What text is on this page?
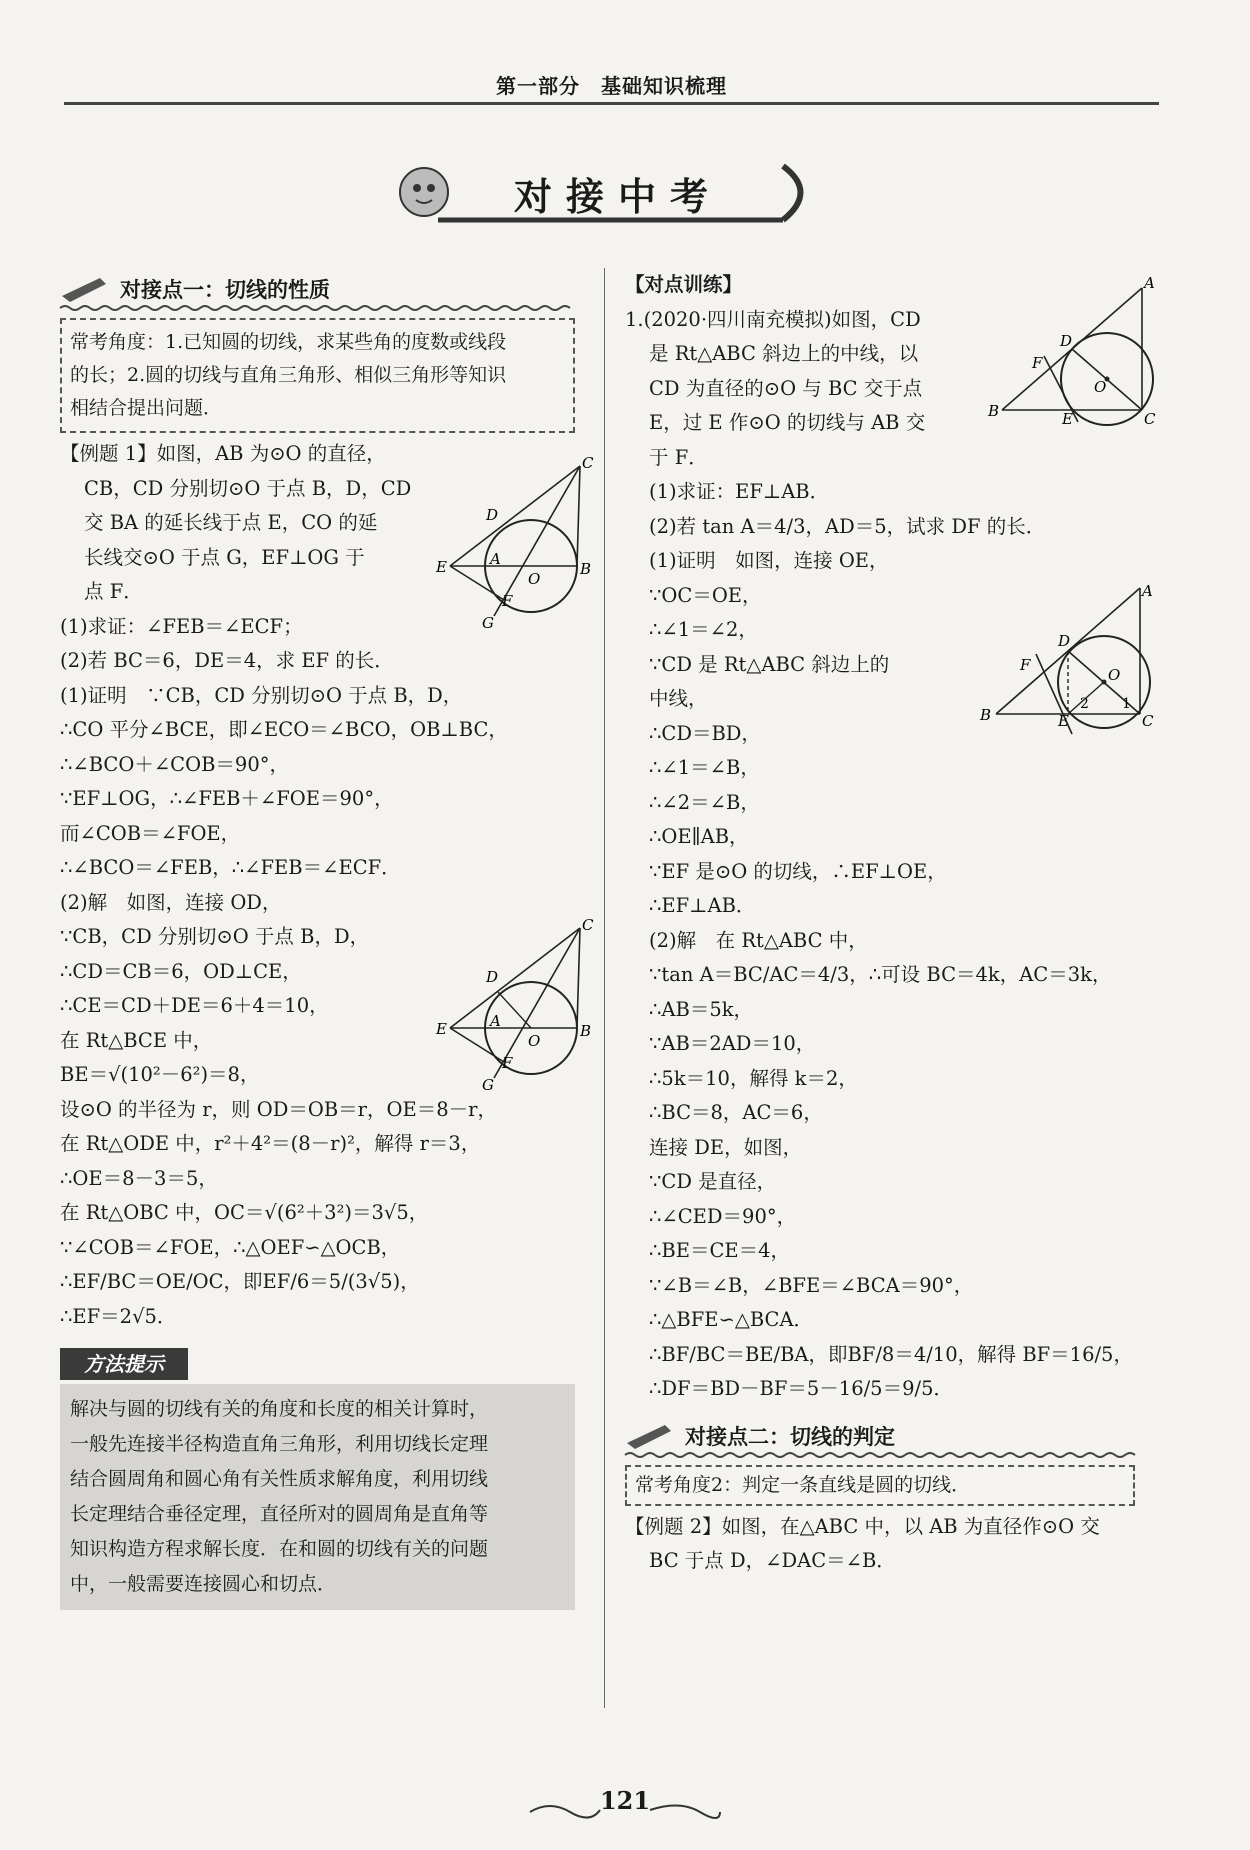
第一部分　基础知识梳理
对接中考
对接点一：切线的性质
常考角度：1.已知圆的切线，求某些角的度数或线段
的长；2.圆的切线与直角三角形、相似三角形等知识
相结合提出问题．
【例题 1】如图，AB 为⊙O 的直径，
CB，CD 分别切⊙O 于点 B，D，CD
交 BA 的延长线于点 E，CO 的延
长线交⊙O 于点 G，EF⊥OG 于
点 F．
(1)求证：∠FEB＝∠ECF；
(2)若 BC＝6，DE＝4，求 EF 的长．
(1)证明　∵CB，CD 分别切⊙O 于点 B，D，
∴CO 平分∠BCE，即∠ECO＝∠BCO，OB⊥BC，
∴∠BCO＋∠COB＝90°，
∵EF⊥OG，∴∠FEB＋∠FOE＝90°，
而∠COB＝∠FOE，
∴∠BCO＝∠FEB，∴∠FEB＝∠ECF．
(2)解　如图，连接 OD，
∵CB，CD 分别切⊙O 于点 B，D，
∴CD＝CB＝6，OD⊥CE，
∴CE＝CD＋DE＝6＋4＝10，
在 Rt△BCE 中，
BE＝√(10²－6²)＝8，
设⊙O 的半径为 r，则 OD＝OB＝r，OE＝8－r，
在 Rt△ODE 中，r²＋4²＝(8－r)²，解得 r＝3，
∴OE＝8－3＝5，
在 Rt△OBC 中，OC＝√(6²＋3²)＝3√5，
∵∠COB＝∠FOE，∴△OEF∽△OCB，
∴EF/BC＝OE/OC，即EF/6＝5/(3√5)，
∴EF＝2√5．
方法提示
解决与圆的切线有关的角度和长度的相关计算时，
一般先连接半径构造直角三角形，利用切线长定理
结合圆周角和圆心角有关性质求解角度，利用切线
长定理结合垂径定理，直径所对的圆周角是直角等
知识构造方程求解长度．在和圆的切线有关的问题
中，一般需要连接圆心和切点．
C
D
E	A
O
B
F
G
C
D
E	A
O
B
F
G
【对点训练】
1.(2020·四川南充模拟)如图，CD
是 Rt△ABC 斜边上的中线，以
CD 为直径的⊙O 与 BC 交于点
E，过 E 作⊙O 的切线与 AB 交
于 F．
(1)求证：EF⊥AB．
(2)若 tan A＝4/3，AD＝5，试求 DF 的长．
(1)证明　如图，连接 OE，
∵OC＝OE，
∴∠1＝∠2，
∵CD 是 Rt△ABC 斜边上的
中线，
∴CD＝BD，
∴∠1＝∠B，
∴∠2＝∠B，
∴OE∥AB，
∵EF 是⊙O 的切线，∴EF⊥OE，
∴EF⊥AB．
(2)解　在 Rt△ABC 中，
∵tan A＝BC/AC＝4/3，∴可设 BC＝4k，AC＝3k，
∴AB＝5k，
∵AB＝2AD＝10，
∴5k＝10，解得 k＝2，
∴BC＝8，AC＝6，
连接 DE，如图，
∵CD 是直径，
∴∠CED＝90°，
∴BE＝CE＝4，
∵∠B＝∠B，∠BFE＝∠BCA＝90°，
∴△BFE∽△BCA．
∴BF/BC＝BE/BA，即BF/8＝4/10，解得 BF＝16/5，
∴DF＝BD－BF＝5－16/5＝9/5．
对接点二：切线的判定
常考角度2：判定一条直线是圆的切线．
【例题 2】如图，在△ABC 中，以 AB 为直径作⊙O 交
BC 于点 D，∠DAC＝∠B．
A
D
F
O
B	E	C
A
D
F
O
2 1
B	E	C
121
